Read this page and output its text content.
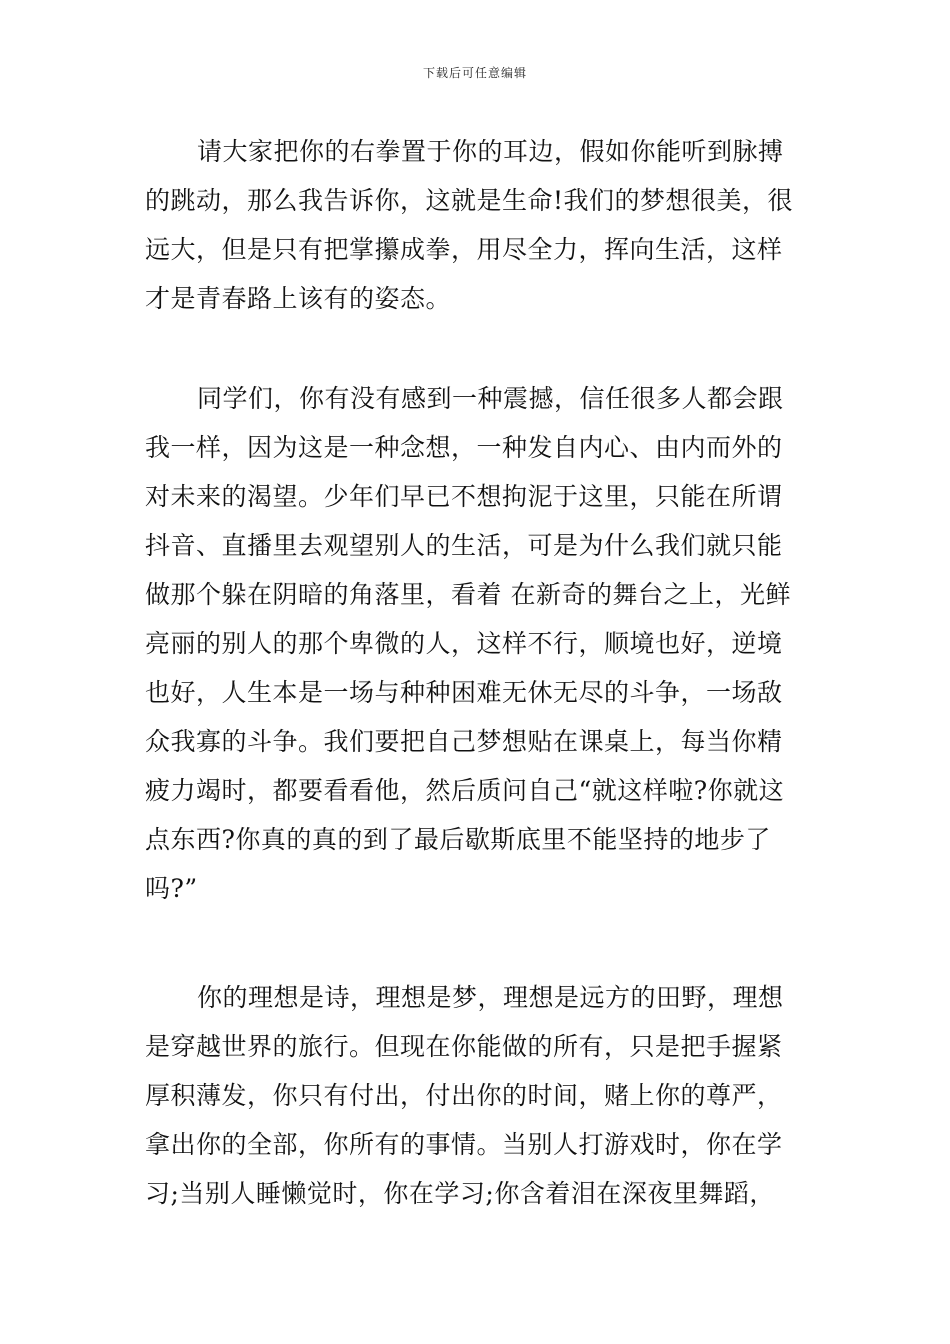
下载后可任意编辑
请大家把你的右拳置于你的耳边，假如你能听到脉搏
的跳动，那么我告诉你，这就是生命!我们的梦想很美，很
远大，但是只有把掌攥成拳，用尽全力，挥向生活，这样
才是青春路上该有的姿态。
同学们，你有没有感到一种震撼，信任很多人都会跟
我一样，因为这是一种念想，一种发自内心、由内而外的
对未来的渴望。少年们早已不想拘泥于这里，只能在所谓
抖音、直播里去观望别人的生活，可是为什么我们就只能
做那个躲在阴暗的角落里，看着 在新奇的舞台之上，光鲜
亮丽的别人的那个卑微的人，这样不行，顺境也好，逆境
也好，人生本是一场与种种困难无休无尽的斗争，一场敌
众我寡的斗争。我们要把自己梦想贴在课桌上，每当你精
疲力竭时，都要看看他，然后质问自己“就这样啦?你就这
点东西?你真的真的到了最后歇斯底里不能坚持的地步了
吗?”
你的理想是诗，理想是梦，理想是远方的田野，理想
是穿越世界的旅行。但现在你能做的所有，只是把手握紧
厚积薄发，你只有付出，付出你的时间，赌上你的尊严，
拿出你的全部，你所有的事情。当别人打游戏时，你在学
习;当别人睡懒觉时，你在学习;你含着泪在深夜里舞蹈，
